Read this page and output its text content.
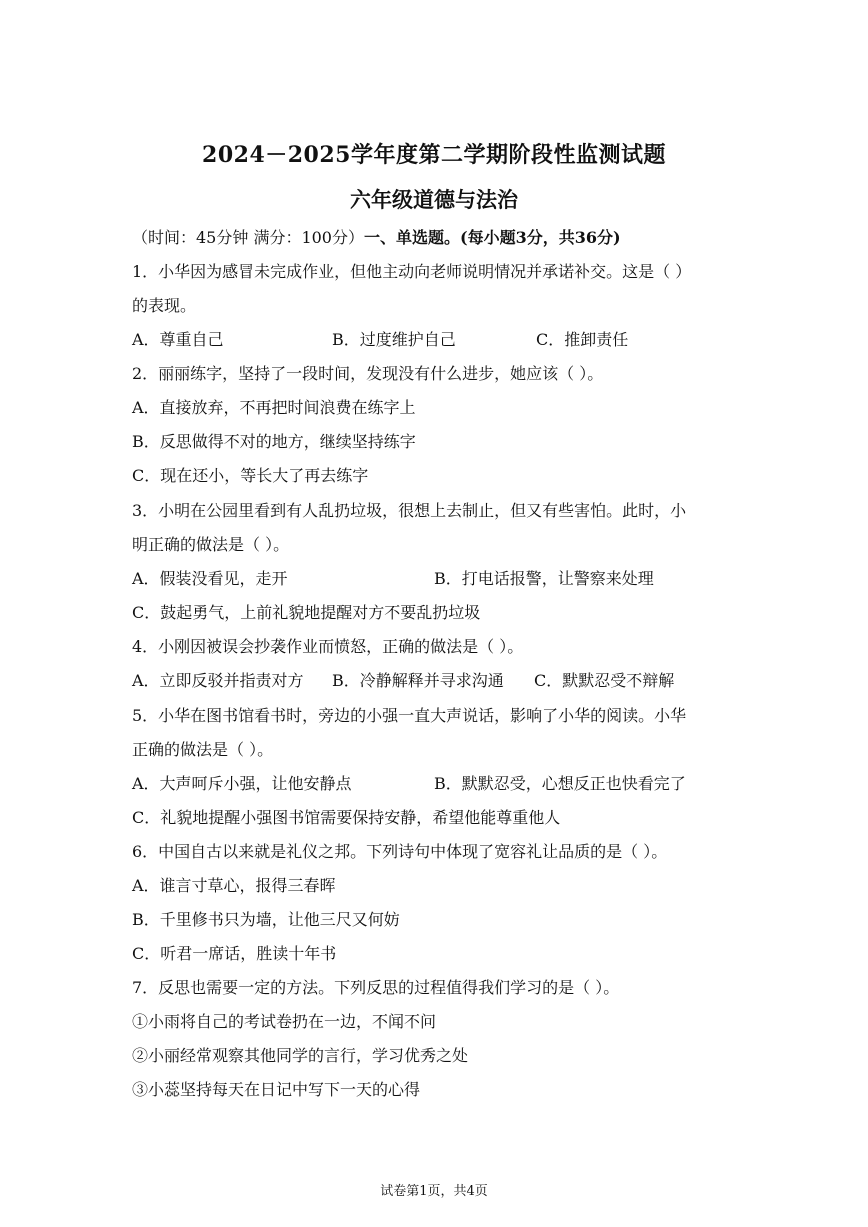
2024－2025学年度第二学期阶段性监测试题
六年级道德与法治
（时间：45分钟 满分：100分）一、单选题。(每小题3分，共36分)
1．小华因为感冒未完成作业，但他主动向老师说明情况并承诺补交。这是（ ）
的表现。
A．尊重自己	B．过度维护自己	C．推卸责任
2．丽丽练字，坚持了一段时间，发现没有什么进步，她应该（ ）。
A．直接放弃，不再把时间浪费在练字上
B．反思做得不对的地方，继续坚持练字
C．现在还小，等长大了再去练字
3．小明在公园里看到有人乱扔垃圾，很想上去制止，但又有些害怕。此时，小
明正确的做法是（ ）。
A．假装没看见，走开	B．打电话报警，让警察来处理
C．鼓起勇气，上前礼貌地提醒对方不要乱扔垃圾
4．小刚因被误会抄袭作业而愤怒，正确的做法是（ ）。
A．立即反驳并指责对方 B．冷静解释并寻求沟通 C．默默忍受不辩解
5．小华在图书馆看书时，旁边的小强一直大声说话，影响了小华的阅读。小华
正确的做法是（ ）。
A．大声呵斥小强，让他安静点	B．默默忍受，心想反正也快看完了
C．礼貌地提醒小强图书馆需要保持安静，希望他能尊重他人
6．中国自古以来就是礼仪之邦。下列诗句中体现了宽容礼让品质的是（ ）。
A．谁言寸草心，报得三春晖
B．千里修书只为墙，让他三尺又何妨
C．听君一席话，胜读十年书
7．反思也需要一定的方法。下列反思的过程值得我们学习的是（ ）。
①小雨将自己的考试卷扔在一边，不闻不问
②小丽经常观察其他同学的言行，学习优秀之处
③小蕊坚持每天在日记中写下一天的心得
试卷第1页，共4页
